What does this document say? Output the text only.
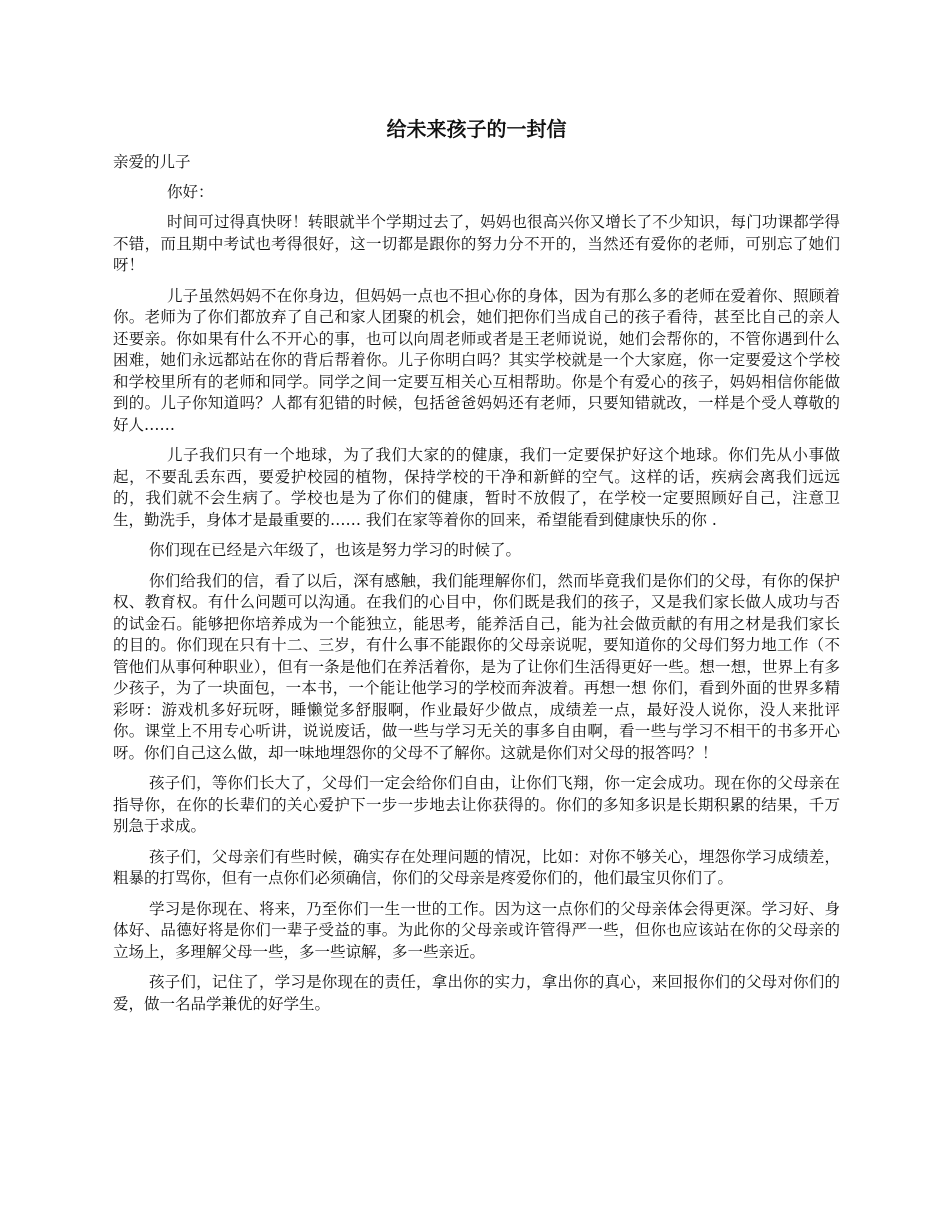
给未来孩子的一封信
亲爱的儿子
你好：

时间可过得真快呀！转眼就半个学期过去了，妈妈也很高兴你又增长了不少知识，每门功课都学得不错，而且期中考试也考得很好，这一切都是跟你的努力分不开的，当然还有爱你的老师，可别忘了她们呀！

儿子虽然妈妈不在你身边，但妈妈一点也不担心你的身体，因为有那么多的老师在爱着你、照顾着你。老师为了你们都放弃了自己和家人团聚的机会，她们把你们当成自己的孩子看待，甚至比自己的亲人还要亲。你如果有什么不开心的事，也可以向周老师或者是王老师说说，她们会帮你的，不管你遇到什么困难，她们永远都站在你的背后帮着你。儿子你明白吗？其实学校就是一个大家庭，你一定要爱这个学校和学校里所有的老师和同学。同学之间一定要互相关心互相帮助。你是个有爱心的孩子，妈妈相信你能做到的。儿子你知道吗？人都有犯错的时候，包括爸爸妈妈还有老师，只要知错就改，一样是个受人尊敬的好人……

儿子我们只有一个地球，为了我们大家的的健康，我们一定要保护好这个地球。你们先从小事做起，不要乱丢东西，要爱护校园的植物，保持学校的干净和新鲜的空气。这样的话，疾病会离我们远远的，我们就不会生病了。学校也是为了你们的健康，暂时不放假了，在学校一定要照顾好自己，注意卫生，勤洗手，身体才是最重要的…… 我们在家等着你的回来，希望能看到健康快乐的你 .

你们现在已经是六年级了，也该是努力学习的时候了。

你们给我们的信，看了以后，深有感触，我们能理解你们，然而毕竟我们是你们的父母，有你的保护权、教育权。有什么问题可以沟通。在我们的心目中，你们既是我们的孩子，又是我们家长做人成功与否的试金石。能够把你培养成为一个能独立，能思考，能养活自己，能为社会做贡献的有用之材是我们家长的目的。你们现在只有十二、三岁，有什么事不能跟你的父母亲说呢，要知道你的父母们努力地工作（不管他们从事何种职业），但有一条是他们在养活着你，是为了让你们生活得更好一些。想一想，世界上有多少孩子，为了一块面包，一本书，一个能让他学习的学校而奔波着。再想一想 你们，看到外面的世界多精彩呀：游戏机多好玩呀，睡懒觉多舒服啊，作业最好少做点，成绩差一点，最好没人说你，没人来批评你。课堂上不用专心听讲，说说废话，做一些与学习无关的事多自由啊，看一些与学习不相干的书多开心呀。你们自己这么做，却一味地埋怨你的父母不了解你。这就是你们对父母的报答吗？！

孩子们，等你们长大了，父母们一定会给你们自由，让你们飞翔，你一定会成功。现在你的父母亲在指导你，在你的长辈们的关心爱护下一步一步地去让你获得的。你们的多知多识是长期积累的结果，千万别急于求成。

孩子们，父母亲们有些时候，确实存在处理问题的情况，比如：对你不够关心，埋怨你学习成绩差，粗暴的打骂你，但有一点你们必须确信，你们的父母亲是疼爱你们的，他们最宝贝你们了。

学习是你现在、将来，乃至你们一生一世的工作。因为这一点你们的父母亲体会得更深。学习好、身体好、品德好将是你们一辈子受益的事。为此你的父母亲或许管得严一些，但你也应该站在你的父母亲的立场上，多理解父母一些，多一些谅解，多一些亲近。

孩子们，记住了，学习是你现在的责任，拿出你的实力，拿出你的真心，来回报你们的父母对你们的爱，做一名品学兼优的好学生。
